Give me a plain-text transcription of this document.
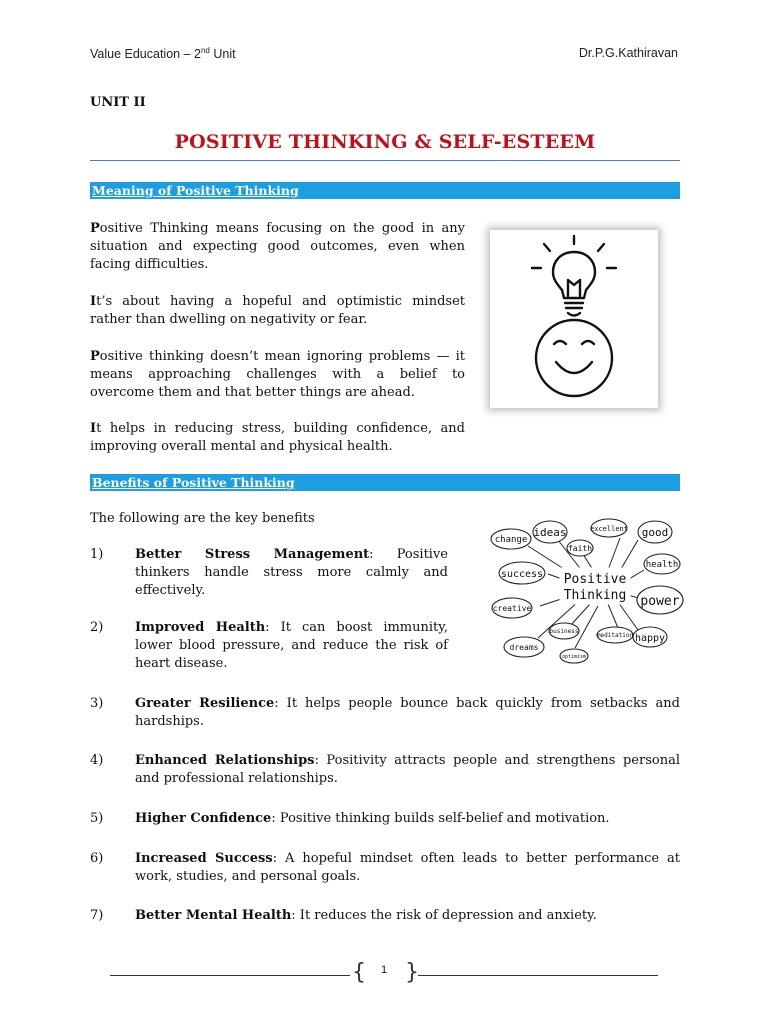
Value Education – 2nd Unit	Dr.P.G.Kathiravan
UNIT II
POSITIVE THINKING & SELF-ESTEEM
Meaning of Positive Thinking

Positive Thinking means focusing on the good in any situation and expecting good outcomes, even when facing difficulties.

It’s about having a hopeful and optimistic mindset rather than dwelling on negativity or fear.

Positive thinking doesn’t mean ignoring problems — it means approaching challenges with a belief to overcome them and that better things are ahead.

It helps in reducing stress, building confidence, and improving overall mental and physical health.

Benefits of Positive Thinking
The following are the key benefits
1)	Better Stress Management: Positive thinkers handle stress more calmly and effectively.

2)	Improved Health: It can boost immunity, lower blood pressure, and reduce the risk of heart disease.

3)	Greater Resilience: It helps people bounce back quickly from setbacks and hardships.

4)	Enhanced Relationships: Positivity attracts people and strengthens personal and professional relationships.

5)	Higher Confidence: Positive thinking builds self-belief and motivation.

6)	Increased Success: A hopeful mindset often leads to better performance at work, studies, and personal goals.

7)	Better Mental Health: It reduces the risk of depression and anxiety.

Positive
Thinking
change
ideas	excellent good
faith
success
health
power
creative
business
meditation happy
dreams
optimism
{ }
1
